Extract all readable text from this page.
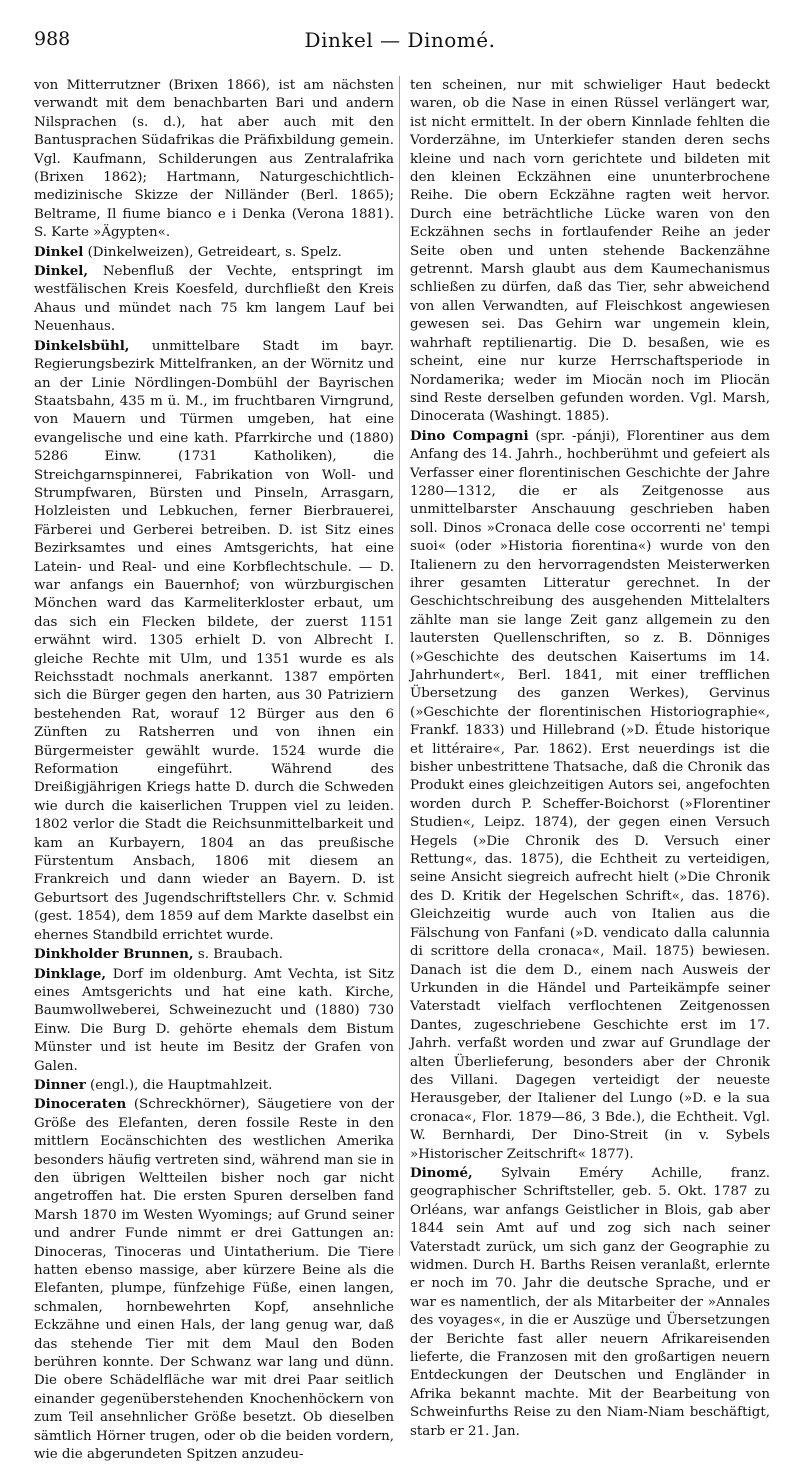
988	Dinkel — Dinomé.

von Mitterrutzner (Brixen 1866), ist am nächsten verwandt mit dem benachbarten Bari und andern Nilsprachen (s. d.), hat aber auch mit den Bantusprachen Südafrikas die Präfixbildung gemein. Vgl. Kaufmann, Schilderungen aus Zentralafrika (Brixen 1862); Hartmann, Naturgeschichtlich-medizinische Skizze der Nilländer (Berl. 1865); Beltrame, Il fiume bianco e i Denka (Verona 1881). S. Karte »Ägypten«.

Dinkel (Dinkelweizen), Getreideart, s. Spelz.

Dinkel, Nebenfluß der Vechte, entspringt im westfälischen Kreis Koesfeld, durchfließt den Kreis Ahaus und mündet nach 75 km langem Lauf bei Neuenhaus.

Dinkelsbühl, unmittelbare Stadt im bayr. Regierungsbezirk Mittelfranken, an der Wörnitz und an der Linie Nördlingen-Dombühl der Bayrischen Staatsbahn, 435 m ü. M., im fruchtbaren Virngrund, von Mauern und Türmen umgeben, hat eine evangelische und eine kath. Pfarrkirche und (1880) 5286 Einw. (1731 Katholiken), die Streichgarnspinnerei, Fabrikation von Woll- und Strumpfwaren, Bürsten und Pinseln, Arrasgarn, Holzleisten und Lebkuchen, ferner Bierbrauerei, Färberei und Gerberei betreiben. D. ist Sitz eines Bezirksamtes und eines Amtsgerichts, hat eine Latein- und Real- und eine Korbflechtschule. — D. war anfangs ein Bauernhof; von würzburgischen Mönchen ward das Karmeliterkloster erbaut, um das sich ein Flecken bildete, der zuerst 1151 erwähnt wird. 1305 erhielt D. von Albrecht I. gleiche Rechte mit Ulm, und 1351 wurde es als Reichsstadt nochmals anerkannt. 1387 empörten sich die Bürger gegen den harten, aus 30 Patriziern bestehenden Rat, worauf 12 Bürger aus den 6 Zünften zu Ratsherren und von ihnen ein Bürgermeister gewählt wurde. 1524 wurde die Reformation eingeführt. Während des Dreißigjährigen Kriegs hatte D. durch die Schweden wie durch die kaiserlichen Truppen viel zu leiden. 1802 verlor die Stadt die Reichsunmittelbarkeit und kam an Kurbayern, 1804 an das preußische Fürstentum Ansbach, 1806 mit diesem an Frankreich und dann wieder an Bayern. D. ist Geburtsort des Jugendschriftstellers Chr. v. Schmid (gest. 1854), dem 1859 auf dem Markte daselbst ein ehernes Standbild errichtet wurde.

Dinkholder Brunnen, s. Braubach.

Dinklage, Dorf im oldenburg. Amt Vechta, ist Sitz eines Amtsgerichts und hat eine kath. Kirche, Baumwollweberei, Schweinezucht und (1880) 730 Einw. Die Burg D. gehörte ehemals dem Bistum Münster und ist heute im Besitz der Grafen von Galen.

Dinner (engl.), die Hauptmahlzeit.

Dinoceraten (Schreckhörner), Säugetiere von der Größe des Elefanten, deren fossile Reste in den mittlern Eocänschichten des westlichen Amerika besonders häufig vertreten sind, während man sie in den übrigen Weltteilen bisher noch gar nicht angetroffen hat. Die ersten Spuren derselben fand Marsh 1870 im Westen Wyomings; auf Grund seiner und andrer Funde nimmt er drei Gattungen an: Dinoceras, Tinoceras und Uintatherium. Die Tiere hatten ebenso massige, aber kürzere Beine als die Elefanten, plumpe, fünfzehige Füße, einen langen, schmalen, hornbewehrten Kopf, ansehnliche Eckzähne und einen Hals, der lang genug war, daß das stehende Tier mit dem Maul den Boden berühren konnte. Der Schwanz war lang und dünn. Die obere Schädelfläche war mit drei Paar seitlich einander gegenüberstehenden Knochenhöckern von zum Teil ansehnlicher Größe besetzt. Ob dieselben sämtlich Hörner trugen, oder ob die beiden vordern, wie die abgerundeten Spitzen anzudeu-

ten scheinen, nur mit schwieliger Haut bedeckt waren, ob die Nase in einen Rüssel verlängert war, ist nicht ermittelt. In der obern Kinnlade fehlten die Vorderzähne, im Unterkiefer standen deren sechs kleine und nach vorn gerichtete und bildeten mit den kleinen Eckzähnen eine ununterbrochene Reihe. Die obern Eckzähne ragten weit hervor. Durch eine beträchtliche Lücke waren von den Eckzähnen sechs in fortlaufender Reihe an jeder Seite oben und unten stehende Backenzähne getrennt. Marsh glaubt aus dem Kaumechanismus schließen zu dürfen, daß das Tier, sehr abweichend von allen Verwandten, auf Fleischkost angewiesen gewesen sei. Das Gehirn war ungemein klein, wahrhaft reptilienartig. Die D. besaßen, wie es scheint, eine nur kurze Herrschaftsperiode in Nordamerika; weder im Miocän noch im Pliocän sind Reste derselben gefunden worden. Vgl. Marsh, Dinocerata (Washingt. 1885).

Dino Compagni (spr. -pánji), Florentiner aus dem Anfang des 14. Jahrh., hochberühmt und gefeiert als Verfasser einer florentinischen Geschichte der Jahre 1280—1312, die er als Zeitgenosse aus unmittelbarster Anschauung geschrieben haben soll. Dinos »Cronaca delle cose occorrenti ne' tempi suoi« (oder »Historia fiorentina«) wurde von den Italienern zu den hervorragendsten Meisterwerken ihrer gesamten Litteratur gerechnet. In der Geschichtschreibung des ausgehenden Mittelalters zählte man sie lange Zeit ganz allgemein zu den lautersten Quellenschriften, so z. B. Dönniges (»Geschichte des deutschen Kaisertums im 14. Jahrhundert«, Berl. 1841, mit einer trefflichen Übersetzung des ganzen Werkes), Gervinus (»Geschichte der florentinischen Historiographie«, Frankf. 1833) und Hillebrand (»D. Étude historique et littéraire«, Par. 1862). Erst neuerdings ist die bisher unbestrittene Thatsache, daß die Chronik das Produkt eines gleichzeitigen Autors sei, angefochten worden durch P. Scheffer-Boichorst (»Florentiner Studien«, Leipz. 1874), der gegen einen Versuch Hegels (»Die Chronik des D. Versuch einer Rettung«, das. 1875), die Echtheit zu verteidigen, seine Ansicht siegreich aufrecht hielt (»Die Chronik des D. Kritik der Hegelschen Schrift«, das. 1876). Gleichzeitig wurde auch von Italien aus die Fälschung von Fanfani (»D. vendicato dalla calunnia di scrittore della cronaca«, Mail. 1875) bewiesen. Danach ist die dem D., einem nach Ausweis der Urkunden in die Händel und Parteikämpfe seiner Vaterstadt vielfach verflochtenen Zeitgenossen Dantes, zugeschriebene Geschichte erst im 17. Jahrh. verfaßt worden und zwar auf Grundlage der alten Überlieferung, besonders aber der Chronik des Villani. Dagegen verteidigt der neueste Herausgeber, der Italiener del Lungo (»D. e la sua cronaca«, Flor. 1879—86, 3 Bde.), die Echtheit. Vgl. W. Bernhardi, Der Dino-Streit (in v. Sybels »Historischer Zeitschrift« 1877).

Dinomé, Sylvain Eméry Achille, franz. geographischer Schriftsteller, geb. 5. Okt. 1787 zu Orléans, war anfangs Geistlicher in Blois, gab aber 1844 sein Amt auf und zog sich nach seiner Vaterstadt zurück, um sich ganz der Geographie zu widmen. Durch H. Barths Reisen veranlaßt, erlernte er noch im 70. Jahr die deutsche Sprache, und er war es namentlich, der als Mitarbeiter der »Annales des voyages«, in die er Auszüge und Übersetzungen der Berichte fast aller neuern Afrikareisenden lieferte, die Franzosen mit den großartigen neuern Entdeckungen der Deutschen und Engländer in Afrika bekannt machte. Mit der Bearbeitung von Schweinfurths Reise zu den Niam-Niam beschäftigt, starb er 21. Jan.
